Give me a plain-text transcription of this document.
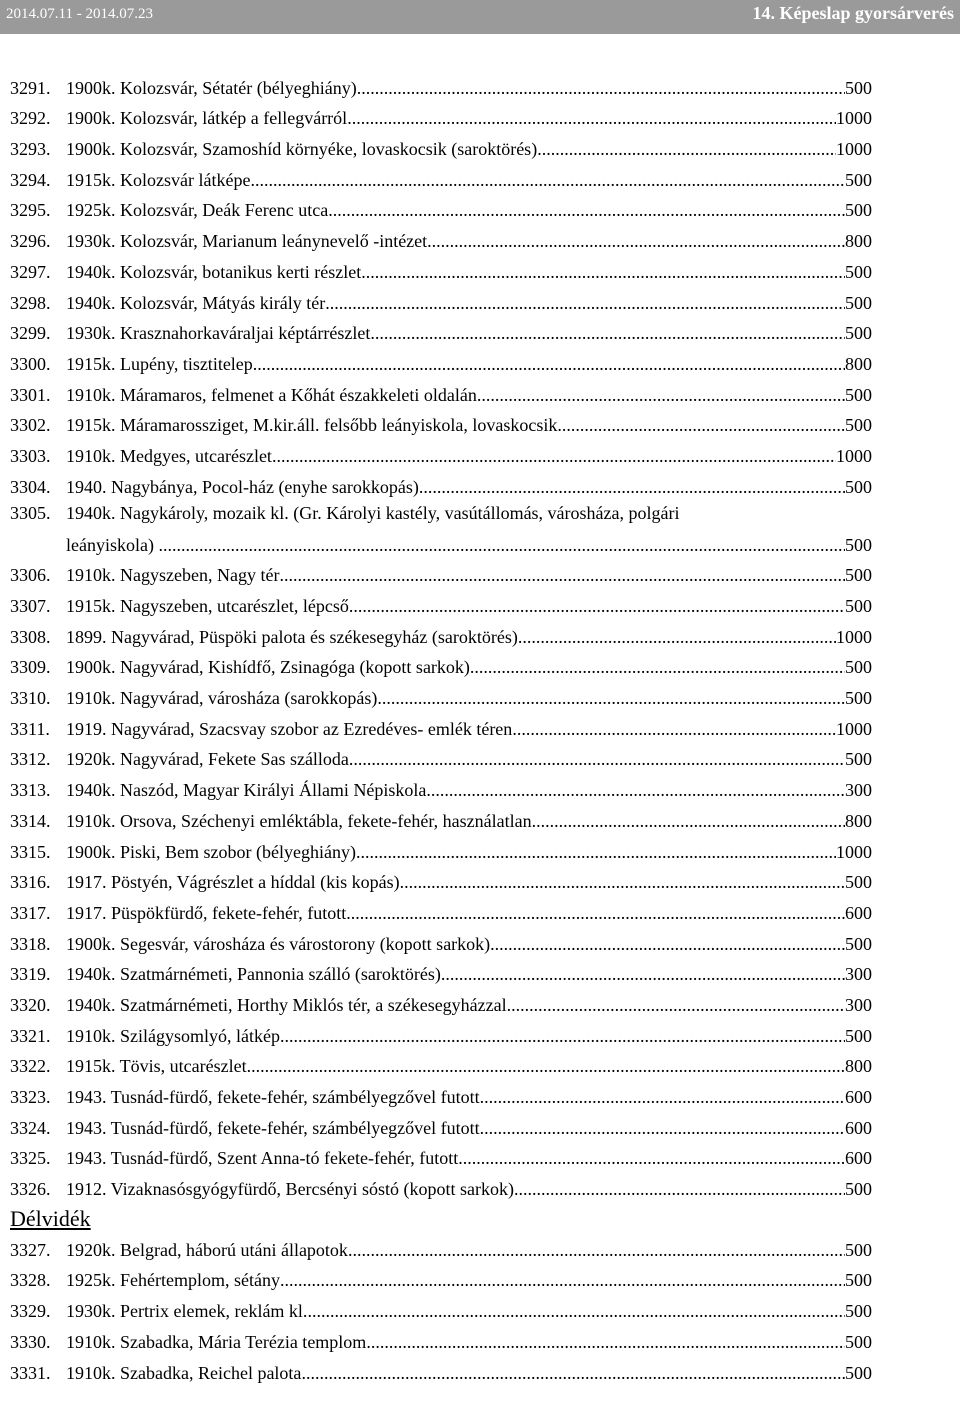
2014.07.11 - 2014.07.23	14. Képeslap gyorsárverés
3291. 1900k. Kolozsvár, Sétatér (bélyeghiány) .....	500
3292. 1900k. Kolozsvár, látkép a fellegvárról .....	1000
3293. 1900k. Kolozsvár, Szamoshíd környéke, lovaskocsik (saroktörés) .....	1000
3294. 1915k. Kolozsvár látképe .....	500
3295. 1925k. Kolozsvár, Deák Ferenc utca .....	500
3296. 1930k. Kolozsvár, Marianum leánynevelő -intézet .....	800
3297. 1940k. Kolozsvár, botanikus kerti részlet .....	500
3298. 1940k. Kolozsvár, Mátyás király tér .....	500
3299. 1930k. Krasznahorkaváraljai képtárrészlet .....	500
3300. 1915k. Lupény, tisztitelep .....	800
3301. 1910k. Máramaros, felmenet a Kőhát északkeleti oldalán .....	500
3302. 1915k. Máramarossziget, M.kir.áll. felsőbb leányiskola, lovaskocsik .....	500
3303. 1910k. Medgyes, utcarészlet .....	1000
3304. 1940. Nagybánya, Pocol-ház (enyhe sarokkopás) .....	500
3305. 1940k. Nagykároly, mozaik kl. (Gr. Károlyi kastély, vasútállomás, városháza, polgári
leányiskola) . .....	500
3306. 1910k. Nagyszeben, Nagy tér .....	500
3307. 1915k. Nagyszeben, utcarészlet, lépcső .....	500
3308. 1899. Nagyvárad, Püspöki palota és székesegyház (saroktörés) .....	1000
3309. 1900k. Nagyvárad, Kishídfő, Zsinagóga (kopott sarkok) .....	500
3310. 1910k. Nagyvárad, városháza (sarokkopás) .....	500
3311. 1919. Nagyvárad, Szacsvay szobor az Ezredéves- emlék téren .....	1000
3312. 1920k. Nagyvárad, Fekete Sas szálloda .....	500
3313. 1940k. Naszód, Magyar Királyi Állami Népiskola .....	300
3314. 1910k. Orsova, Széchenyi emléktábla, fekete-fehér, használatlan .....	800
3315. 1900k. Piski, Bem szobor (bélyeghiány) .....	1000
3316. 1917. Pöstyén, Vágrészlet a híddal (kis kopás) .....	500
3317. 1917. Püspökfürdő, fekete-fehér, futott .....	600
3318. 1900k. Segesvár, városháza és várostorony (kopott sarkok) .....	500
3319. 1940k. Szatmárnémeti, Pannonia szálló (saroktörés) .....	300
3320. 1940k. Szatmárnémeti, Horthy Miklós tér, a székesegyházzal .....	300
3321. 1910k. Szilágysomlyó, látkép .....	500
3322. 1915k. Tövis, utcarészlet .....	800
3323. 1943. Tusnád-fürdő, fekete-fehér, számbélyegzővel futott .....	600
3324. 1943. Tusnád-fürdő, fekete-fehér, számbélyegzővel futott .....	600
3325. 1943. Tusnád-fürdő, Szent Anna-tó fekete-fehér, futott .....	600
3326. 1912. Vizaknasósgyógyfürdő, Bercsényi sóstó (kopott sarkok) .....	500
Délvidék
3327. 1920k. Belgrad, háború utáni állapotok .....	500
3328. 1925k. Fehértemplom, sétány .....	500
3329. 1930k. Pertrix elemek, reklám kl. .....	500
3330. 1910k. Szabadka, Mária Terézia templom .....	500
3331. 1910k. Szabadka, Reichel palota .....	500
